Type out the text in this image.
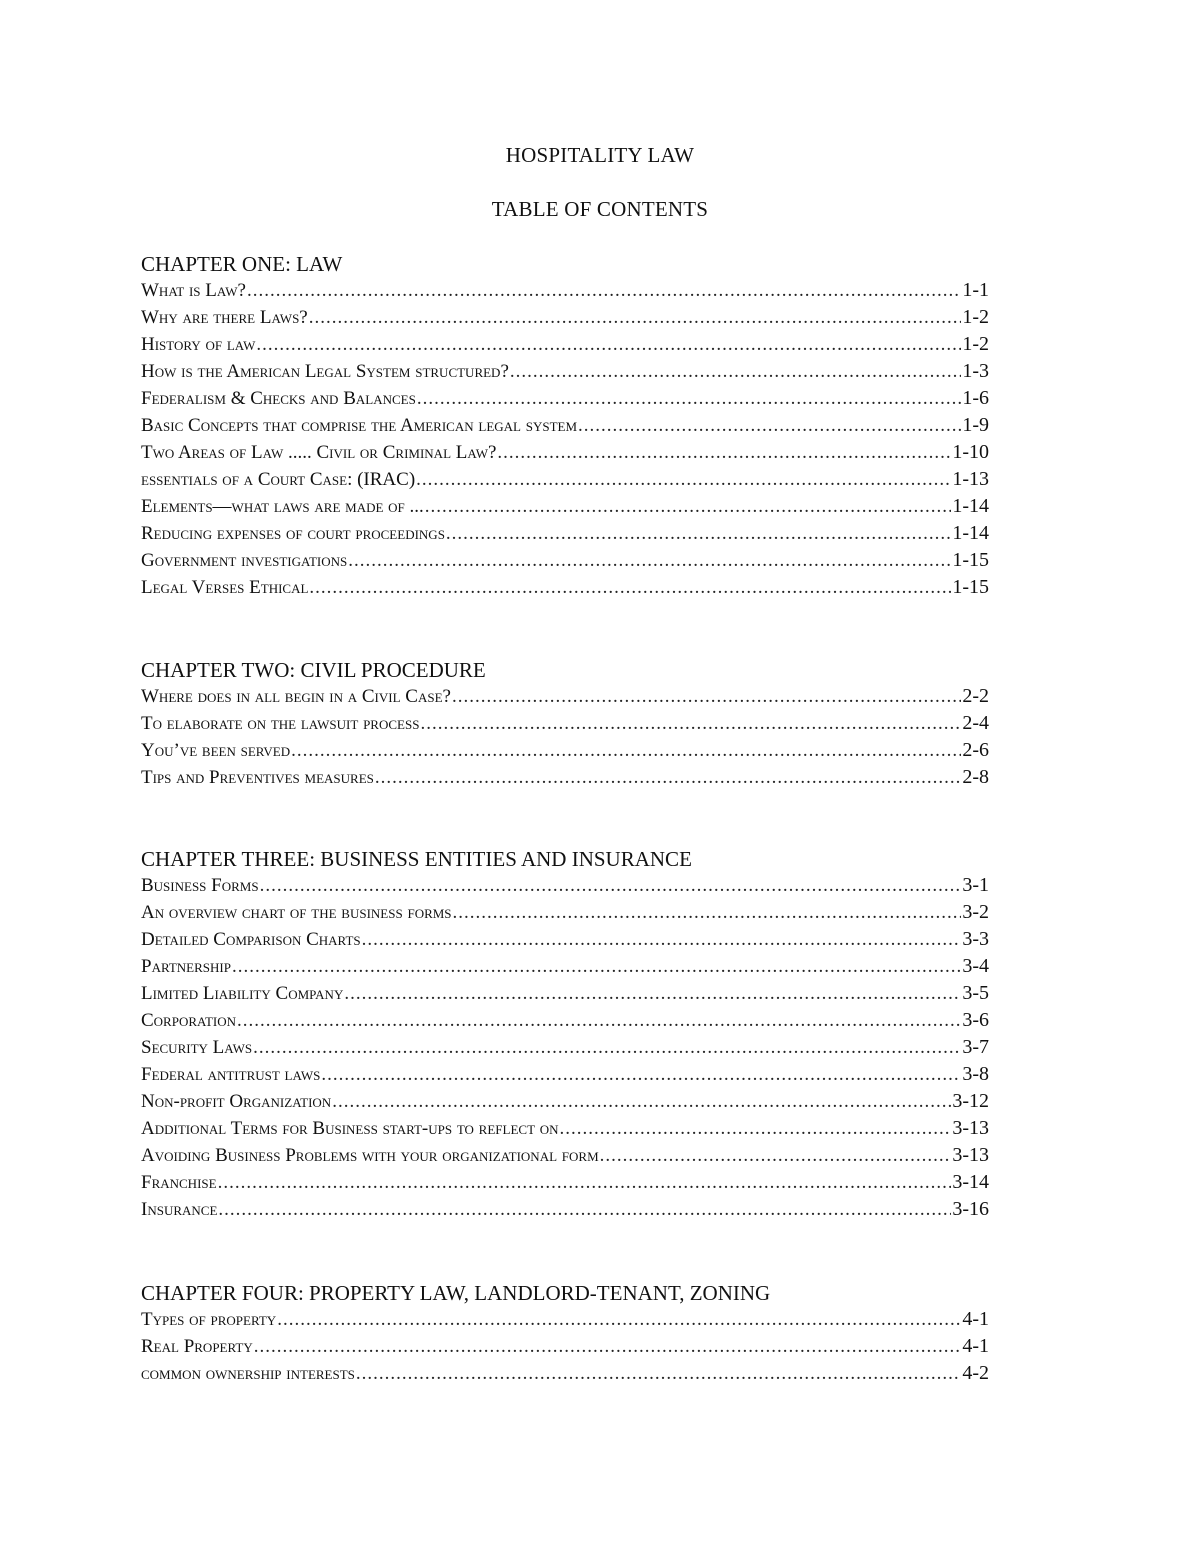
HOSPITALITY LAW
TABLE OF CONTENTS
CHAPTER ONE: LAW
What is Law? .....	1-1
Why are there Laws? .....	1-2
History of law .....	1-2
How is the American Legal System structured? .....	1-3
Federalism & Checks and Balances .....	1-6
Basic Concepts that comprise the American legal system .....	1-9
Two Areas of Law ..... Civil or Criminal Law? .....	1-10
essentials of a Court Case: (IRAC) .....	1-13
Elements—what laws are made of ... .....	1-14
Reducing expenses of court proceedings .....	1-14
Government investigations .....	1-15
Legal Verses Ethical .....	1-15
CHAPTER TWO: CIVIL PROCEDURE
Where does in all begin in a Civil Case? .....	2-2
To elaborate on the lawsuit process .....	2-4
You’ve been served .....	2-6
Tips and Preventives measures .....	2-8
CHAPTER THREE: BUSINESS ENTITIES AND INSURANCE
Business Forms .....	3-1
An overview chart of the business forms .....	3-2
Detailed Comparison Charts .....	3-3
Partnership .....	3-4
Limited Liability Company .....	3-5
Corporation .....	3-6
Security Laws .....	3-7
Federal antitrust laws .....	3-8
Non-profit Organization .....	3-12
Additional Terms for Business start-ups to reflect on .....	3-13
Avoiding Business Problems with your organizational form .....	3-13
Franchise .....	3-14
Insurance .....	3-16
CHAPTER FOUR: PROPERTY LAW, LANDLORD-TENANT, ZONING
Types of property .....	4-1
Real Property .....	4-1
common ownership interests .....	4-2
